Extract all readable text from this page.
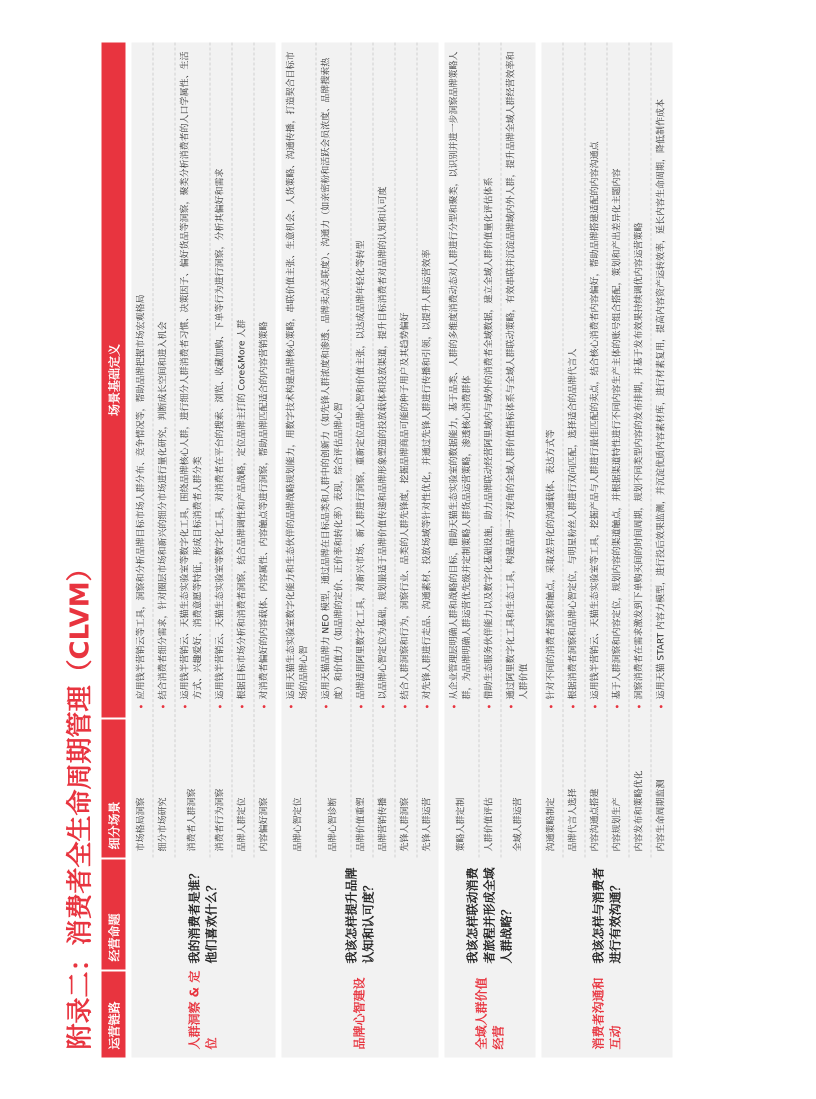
附录二：消费者全生命周期管理（CLVM） 运营链路
经营命题
细分场景
场景基础定义
人群洞察 & 定位
我的消费者是谁？他们喜欢什么？
市场格局洞察
• 应用钱半营销云等工具，洞察和分析品牌目标市场人群分布、竞争情况等，帮助品牌把握市场宏观格局
细分市场研究
• 结合消费者细分需求，针对圈层市场和新兴的细分市场进行量化研究，判断成长空间和进入机会
消费者人群洞察
• 运用钱半营销云、天猫生态实验室等数字化工具，围绕品牌核心人群，进行细分人群消费者习惯、决策因子、偏好货品等洞察，聚类分析消费者的人口学属性、生活方式、兴趣爱好、消费意愿等特征，形成目标消费者人群分类
消费者行为洞察
• 运用钱半营销云、天猫生态实验室等数字化工具，对消费者在平台的搜索、浏览、收藏加购、下单等行为进行洞察，分析其偏好和需求
品牌人群定位
• 根据目标市场分析和消费者洞察，结合品牌调性和产品战略，定位品牌主打的 Core&More 人群
内容偏好洞察
• 对消费者偏好的内容载体、内容属性、内容触点等进行洞察，帮助品牌匹配适合的内容营销策略
品牌心智建设
我该怎样提升品牌认知和认可度？
品牌心智定位
• 运用天猫生态实验室数字化能力和生态伙伴的品牌战略规划能力，用数字技术构建品牌核心策略，串联价值主张、生意机会、人货策略、沟通传播，打造契合目标市场的品牌心智
品牌心智诊断
• 运用天猫品牌力 NEO 模型，通过品牌在目标品类和人群中的创新力（如先锋人群浓度和渗透、品牌卖点关联度）、沟通力（如亲密粉和活跃会员浓度、品牌搜索热度）和价值力（如品牌的定价、正价率和转化率）表现，综合评估品牌心智
品牌价值重塑
• 品牌适用阿里数字化工具，对新兴市场、新人群进行洞察，重新定位品牌心智和价值主张，以达成品牌年轻化等转型
品牌营销传播
• 以品牌心智定位为基础，规划最适于品牌价值传递和品牌形象塑造的投放载体和投放渠道，提升目标消费者对品牌的认知和认可度
先锋人群洞察
• 结合人群洞察和行为，洞察行业、品类的人群先锋度，挖掘品牌商品可能的种子用户及其趋势偏好
先锋人群运营
• 对先锋人群进行走品、沟通素材、投放场域等针对性优化，并通过先锋人群进行传播和引领，以提升人群运营效率
全域人群价值经营
我该怎样联动消费者旅程并形成全域人群战略？
策略人群定制
• 从企业管理层明确人群和战略的目标，借助天猫生态实验室的数据能力，基于品类、人群的多维度消费动态对人群进行分型和聚类，以识别并进一步洞察品牌策略人群，为品牌明确人群运营优先级并定制策略人群货品运营策略，渗透核心消费群体
人群价值评估
• 借助生态服务伙伴能力以及数字化基础设施，助力品牌联动经营阿里域内与域外的消费者全域数据，建立全域人群价值量化评估体系
全域人群运营
• 通过阿里数字化工具和生态工具，构建品牌一方视角的全域人群价值指标体系与全域人群联动策略，有效串联并沉淀品牌域内外人群，提升品牌全域人群经营效率和人群价值
消费者沟通和互动
我该怎样与消费者进行有效沟通？
沟通策略制定
• 针对不同的消费者洞察和触点，采取差异化的沟通载体、表达方式等
品牌代言人选择
• 根据消费者洞察和品牌心智定位，与明星粉丝人群进行双向匹配，选择适合的品牌代言人
内容沟通点搭建
• 运用钱半营销云、天猫生态实验室等工具，挖掘产品与人群进行最佳匹配的卖点，结合核心消费者内容偏好，帮助品牌搭建适配的内容沟通点
内容规划生产
• 基于人群洞察和内容定位，规划内容的渠道触点，并根据渠道特性进行不同内容生产主体的账号组合搭配，策划和产出差异化主题内容
内容发布和策略优化
• 洞察消费者在需求激发到下单购买间的时间周期，规划不同类型内容的发布排期，并基于发布效果持续调优内容运营策略
内容生命周期监测
• 运用天猫 START 内容力模型，进行投后效果监测，并沉淀优质内容素材库，进行材素复用，提高内容资产运转效率，延长内容生命周期，降低制作成本
